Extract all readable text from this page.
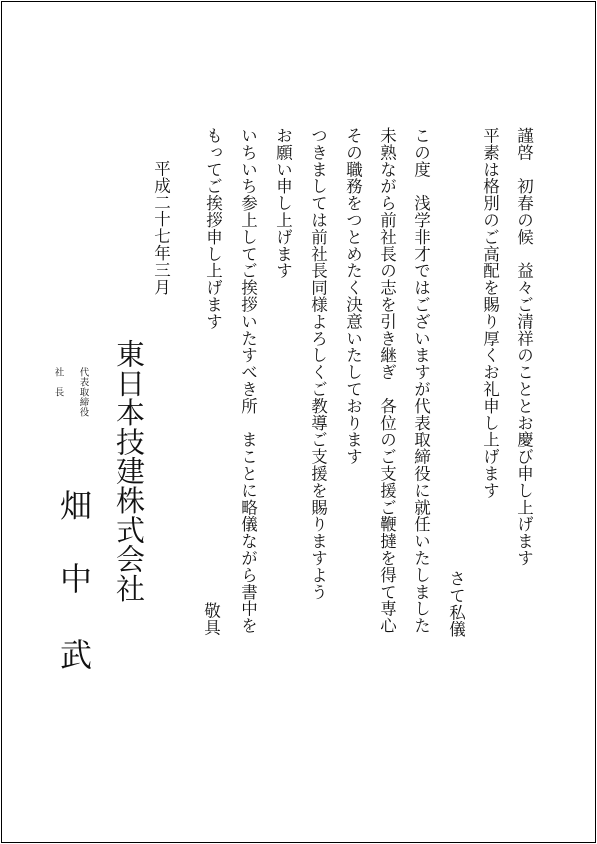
謹啓　初春の候　益々ご清祥のこととお慶び申し上げます
平素は格別のご高配を賜り厚くお礼申し上げます
さて私儀
この度　浅学非才ではございますが代表取締役に就任いたしました
未熟ながら前社長の志を引き継ぎ　各位のご支援ご鞭撻を得て専心
その職務をつとめたく決意いたしております
つきましては前社長同様よろしくご教導ご支援を賜りますよう
お願い申し上げます
いちいち参上してご挨拶いたすべき所　まことに略儀ながら書中を
もってご挨拶申し上げます
敬具
平成二十七年三月
東日本技建株式会社
代表取締役
社　長
畑
中
武
